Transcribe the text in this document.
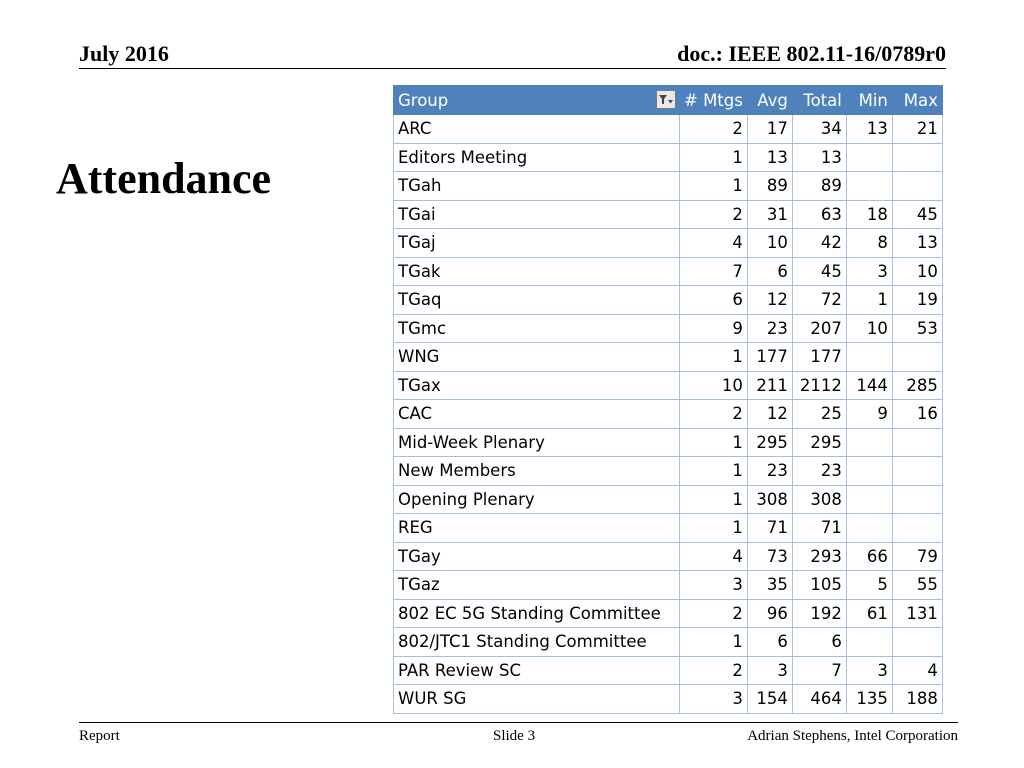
July 2016	doc.: IEEE 802.11-16/0789r0
Attendance
Group	# Mtgs	Avg	Total	Min	Max
ARC	2	17	34	13	21
Editors Meeting	1	13	13		
TGah	1	89	89		
TGai	2	31	63	18	45
TGaj	4	10	42	8	13
TGak	7	6	45	3	10
TGaq	6	12	72	1	19
TGmc	9	23	207	10	53
WNG	1	177	177		
TGax	10	211	2112	144	285
CAC	2	12	25	9	16
Mid-Week Plenary	1	295	295		
New Members	1	23	23		
Opening Plenary	1	308	308		
REG	1	71	71		
TGay	4	73	293	66	79
TGaz	3	35	105	5	55
802 EC 5G Standing Committee	2	96	192	61	131
802/JTC1 Standing Committee	1	6	6		
PAR Review SC	2	3	7	3	4
WUR SG	3	154	464	135	188
Report	Slide 3	Adrian Stephens, Intel Corporation
